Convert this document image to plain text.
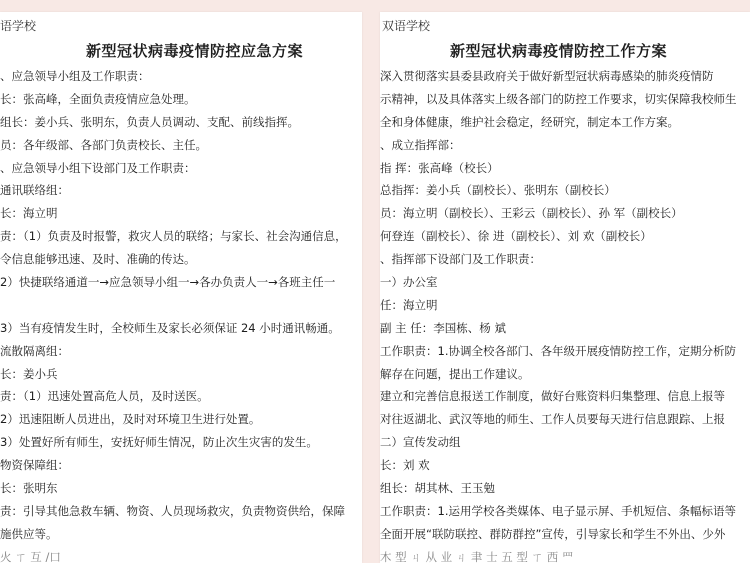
语学校
新型冠状病毒疫情防控应急方案
、应急领导小组及工作职责：
长：张高峰，全面负责疫情应急处理。
组长：姜小兵、张明东，负责人员调动、支配、前线指挥。
员：各年级部、各部门负责校长、主任。
、应急领导小组下设部门及工作职责：
通讯联络组：
长：海立明
责：（1）负责及时报警，救灾人员的联络；与家长、社会沟通信息，
令信息能够迅速、及时、准确的传达。
2）快捷联络通道一→应急领导小组一→各办负责人一→各班主任一

3）当有疫情发生时，全校师生及家长必须保证 24 小时通讯畅通。
流散隔离组：
长：姜小兵
责：（1）迅速处置高危人员，及时送医。
2）迅速阻断人员进出，及时对环境卫生进行处置。
3）处置好所有师生，安抚好师生情况，防止次生灾害的发生。
物资保障组：
长：张明东
责：引导其他急救车辆、物资、人员现场救灾，负责物资供给，保障
施供应等。
火 ㄒ 互 /口
双语学校
新型冠状病毒疫情防控工作方案
深入贯彻落实县委县政府关于做好新型冠状病毒感染的肺炎疫情防
示精神，以及具体落实上级各部门的防控工作要求，切实保障我校师生
全和身体健康，维护社会稳定，经研究，制定本工作方案。
、成立指挥部：
指 挥：张高峰（校长）
总指挥：姜小兵（副校长）、张明东（副校长）
员：海立明（副校长）、王彩云（副校长）、孙 军（副校长）
何登连（副校长）、徐 进（副校长）、刘 欢（副校长）
、指挥部下设部门及工作职责：
一）办公室
任：海立明
副 主 任：李国栋、杨 斌
工作职责：1.协调全校各部门、各年级开展疫情防控工作，定期分析防
解存在问题，提出工作建议。
建立和完善信息报送工作制度，做好台账资料归集整理、信息上报等
对往返湖北、武汉等地的师生、工作人员要每天进行信息跟踪、上报
二）宣传发动组
长：刘 欢
组长：胡其林、王玉勉
工作职责：1.运用学校各类媒体、电子显示屏、手机短信、条幅标语等
全面开展“联防联控、群防群控”宣传，引导家长和学生不外出、少外
木 型 ㄐ 从 业 ㄐ 聿 士 五 型 ㄒ 西 罒
